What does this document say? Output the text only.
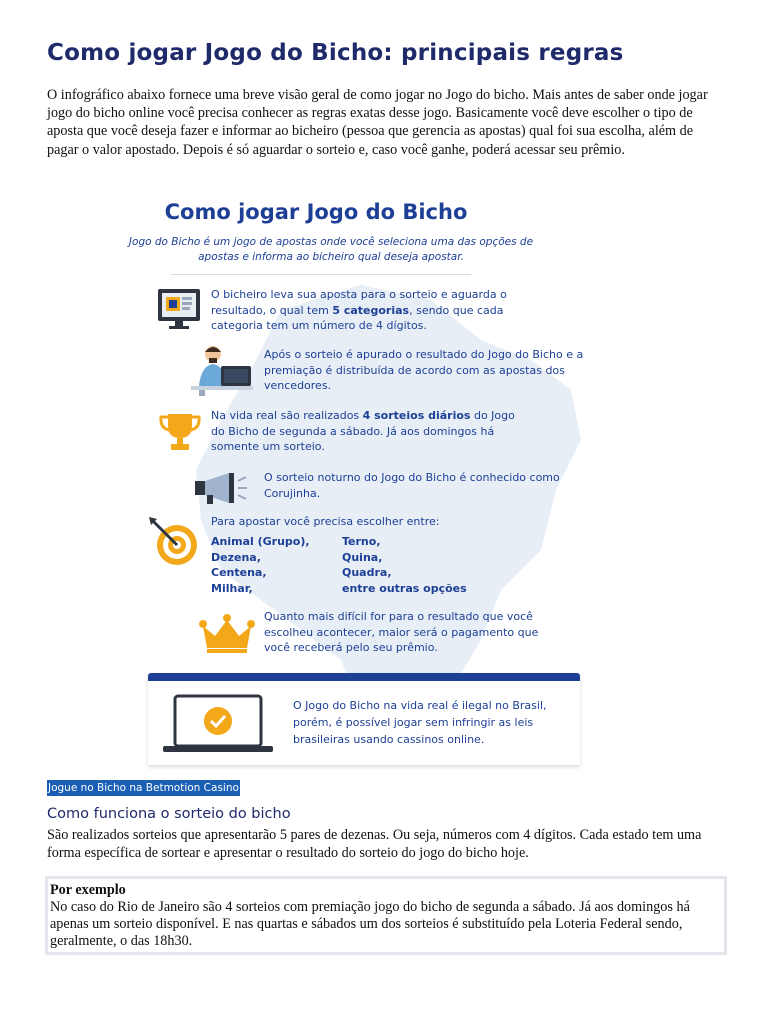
Como jogar Jogo do Bicho: principais regras

O infográfico abaixo fornece uma breve visão geral de como jogar no Jogo do bicho. Mais antes de saber onde jogar jogo do bicho online você precisa conhecer as regras exatas desse jogo. Basicamente você deve escolher o tipo de aposta que você deseja fazer e informar ao bicheiro (pessoa que gerencia as apostas) qual foi sua escolha, além de pagar o valor apostado. Depois é só aguardar o sorteio e, caso você ganhe, poderá acessar seu prêmio.

Como jogar Jogo do Bicho
Jogo do Bicho é um jogo de apostas onde você seleciona uma das opções de apostas e informa ao bicheiro qual deseja apostar.
O bicheiro leva sua aposta para o sorteio e aguarda o resultado, o qual tem 5 categorias, sendo que cada categoria tem um número de 4 dígitos.
Após o sorteio é apurado o resultado do Jogo do Bicho e a premiação é distribuída de acordo com as apostas dos vencedores.
Na vida real são realizados 4 sorteios diários do Jogo do Bicho de segunda a sábado. Já aos domingos há somente um sorteio.
O sorteio noturno do Jogo do Bicho é conhecido como Corujinha.
Para apostar você precisa escolher entre:
Animal (Grupo),
Dezena,
Centena,
Milhar,
Terno,
Quina,
Quadra,
entre outras opções
Quanto mais difícil for para o resultado que você escolheu acontecer, maior será o pagamento que você receberá pelo seu prêmio.
O Jogo do Bicho na vida real é ilegal no Brasil, porém, é possível jogar sem infringir as leis brasileiras usando cassinos online.
Jogue no Bicho na Betmotion Casino
Como funciona o sorteio do bicho

São realizados sorteios que apresentarão 5 pares de dezenas. Ou seja, números com 4 dígitos. Cada estado tem uma forma específica de sortear e apresentar o resultado do sorteio do jogo do bicho hoje.

Por exemplo

No caso do Rio de Janeiro são 4 sorteios com premiação jogo do bicho de segunda a sábado. Já aos domingos há apenas um sorteio disponível. E nas quartas e sábados um dos sorteios é substituído pela Loteria Federal sendo, geralmente, o das 18h30.
